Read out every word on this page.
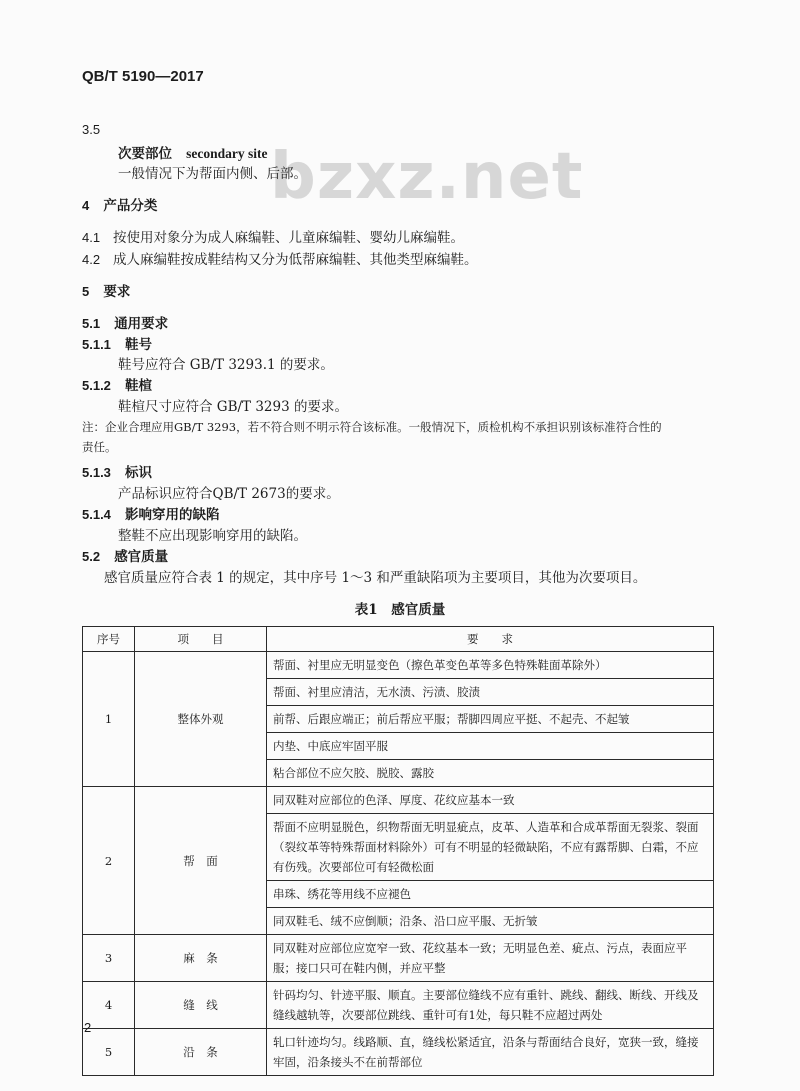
QB/T 5190—2017
bzxz.net
3.5
次要部位 secondary site
一般情况下为帮面内侧、后部。
4 产品分类
4.1 按使用对象分为成人麻编鞋、儿童麻编鞋、婴幼儿麻编鞋。
4.2 成人麻编鞋按成鞋结构又分为低帮麻编鞋、其他类型麻编鞋。
5 要求
5.1 通用要求
5.1.1 鞋号
鞋号应符合 GB/T 3293.1 的要求。
5.1.2 鞋楦
鞋楦尺寸应符合 GB/T 3293 的要求。
注：企业合理应用GB/T 3293，若不符合则不明示符合该标准。一般情况下，质检机构不承担识别该标准符合性的
责任。
5.1.3 标识
产品标识应符合QB/T 2673的要求。
5.1.4 影响穿用的缺陷
整鞋不应出现影响穿用的缺陷。
5.2 感官质量
感官质量应符合表 1 的规定，其中序号 1～3 和严重缺陷项为主要项目，其他为次要项目。
表1　感官质量
序号	项　　目	要　　求
1	整体外观	帮面、衬里应无明显变色（擦色革变色革等多色特殊鞋面革除外）
		帮面、衬里应清洁，无水渍、污渍、胶渍
		前帮、后跟应端正；前后帮应平服；帮脚四周应平挺、不起壳、不起皱
		内垫、中底应牢固平服
		粘合部位不应欠胶、脱胶、露胶
2	帮　面	同双鞋对应部位的色泽、厚度、花纹应基本一致
		帮面不应明显脱色，织物帮面无明显疵点，皮革、人造革和合成革帮面无裂浆、裂面（裂纹革等特殊帮面材料除外）可有不明显的轻微缺陷，不应有露帮脚、白霜，不应有伤残。次要部位可有轻微松面
		串珠、绣花等用线不应褪色
		同双鞋毛、绒不应倒顺；沿条、沿口应平服、无折皱
3	麻　条	同双鞋对应部位应宽窄一致、花纹基本一致；无明显色差、疵点、污点，表面应平服；接口只可在鞋内侧，并应平整
4	缝　线	针码均匀、针迹平服、顺直。主要部位缝线不应有重针、跳线、翻线、断线、开线及缝线越轨等，次要部位跳线、重针可有1处，每只鞋不应超过两处
5	沿　条	轧口针迹均匀。线路顺、直，缝线松紧适宜，沿条与帮面结合良好，宽狭一致，缝接牢固，沿条接头不在前帮部位
2
